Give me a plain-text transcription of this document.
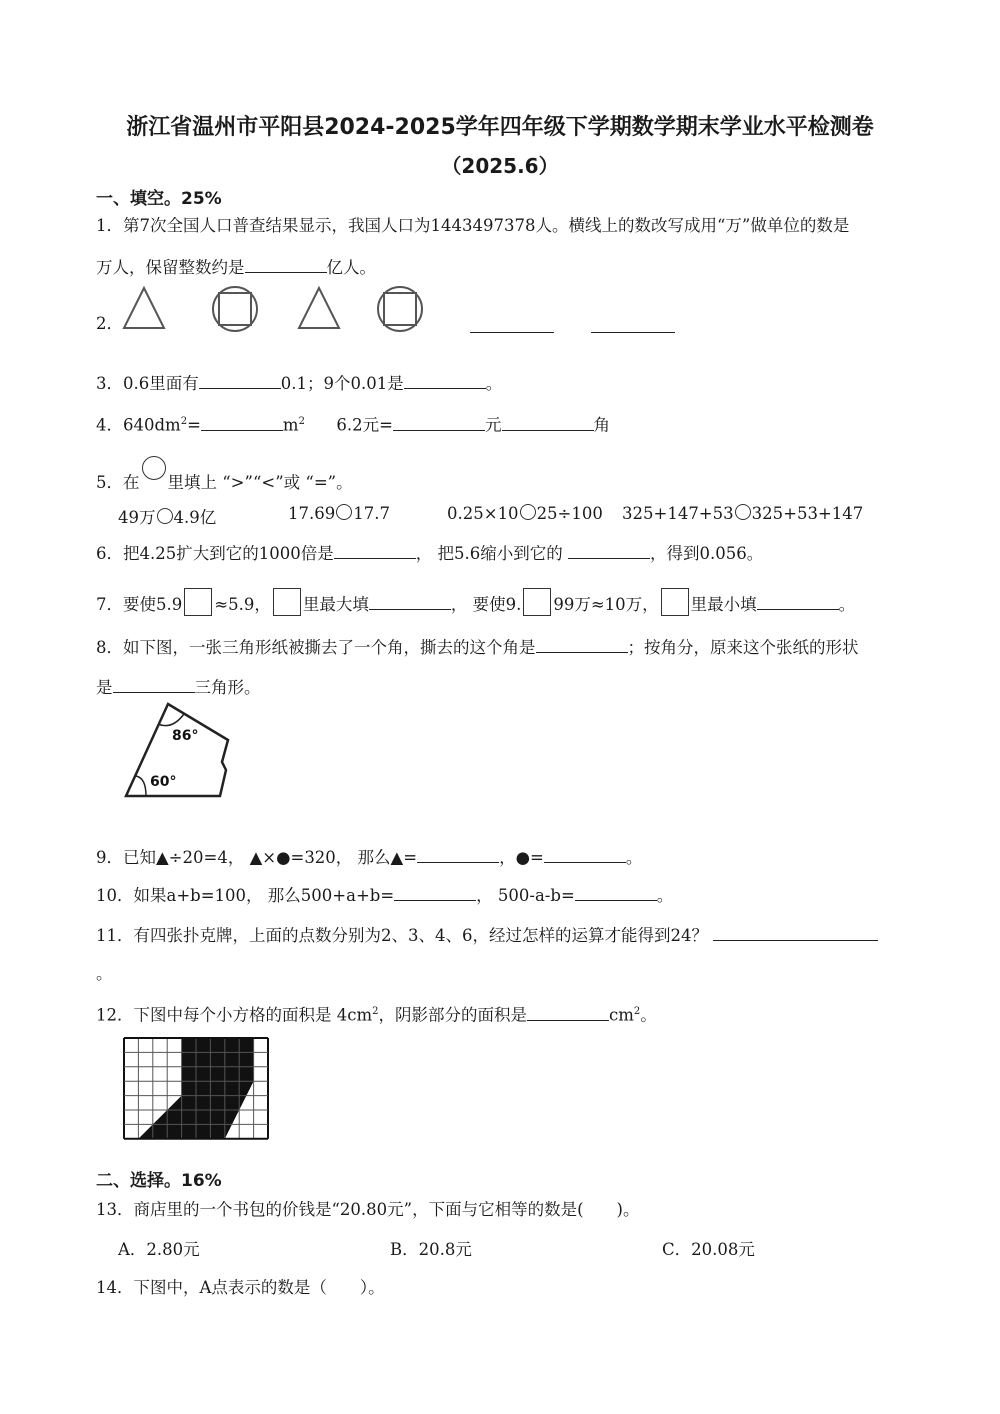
浙江省温州市平阳县2024-2025学年四年级下学期数学期末学业水平检测卷
（2025.6）
一、填空。25%
1．第7次全国人口普查结果显示，我国人口为1443497378人。横线上的数改写成用“万”做单位的数是
万人，保留整数约是	亿人。
2．
3．0.6里面有	0.1；9个0.01是	。
4．$640dm^2=$	$m^2$ 6.2元=	元	角
5．在 里填上 “>”“<”或 “=”。
49万 4.9亿	17.69 17.7	0.25×10 25÷100 325+147+53 325+53+147
6．把4.25扩大到它的1000倍是	， 把5.6缩小到它的	，得到0.056。
7．要使5.9 ≈5.9， 里最大填	， 要使9. 99万≈10万， 里最小填	。
8．如下图，一张三角形纸被撕去了一个角，撕去的这个角是	；按角分，原来这个张纸的形状
是	三角形。
86°
60°
9．已知▲÷20=4， ▲×●=320， 那么▲=	，●=	。
10．如果a+b=100， 那么500+a+b=	， 500-a-b=	。
11．有四张扑克牌，上面的点数分别为2、3、4、6，经过怎样的运算才能得到24？
。
12．下图中每个小方格的面积是 $4cm^2$，阴影部分的面积是	$cm^2$。
二、选择。16%
13．商店里的一个书包的价钱是“20.80元”，下面与它相等的数是(　　)。
A．2.80元	B．20.8元	C．20.08元
14．下图中，A点表示的数是（　　）。
